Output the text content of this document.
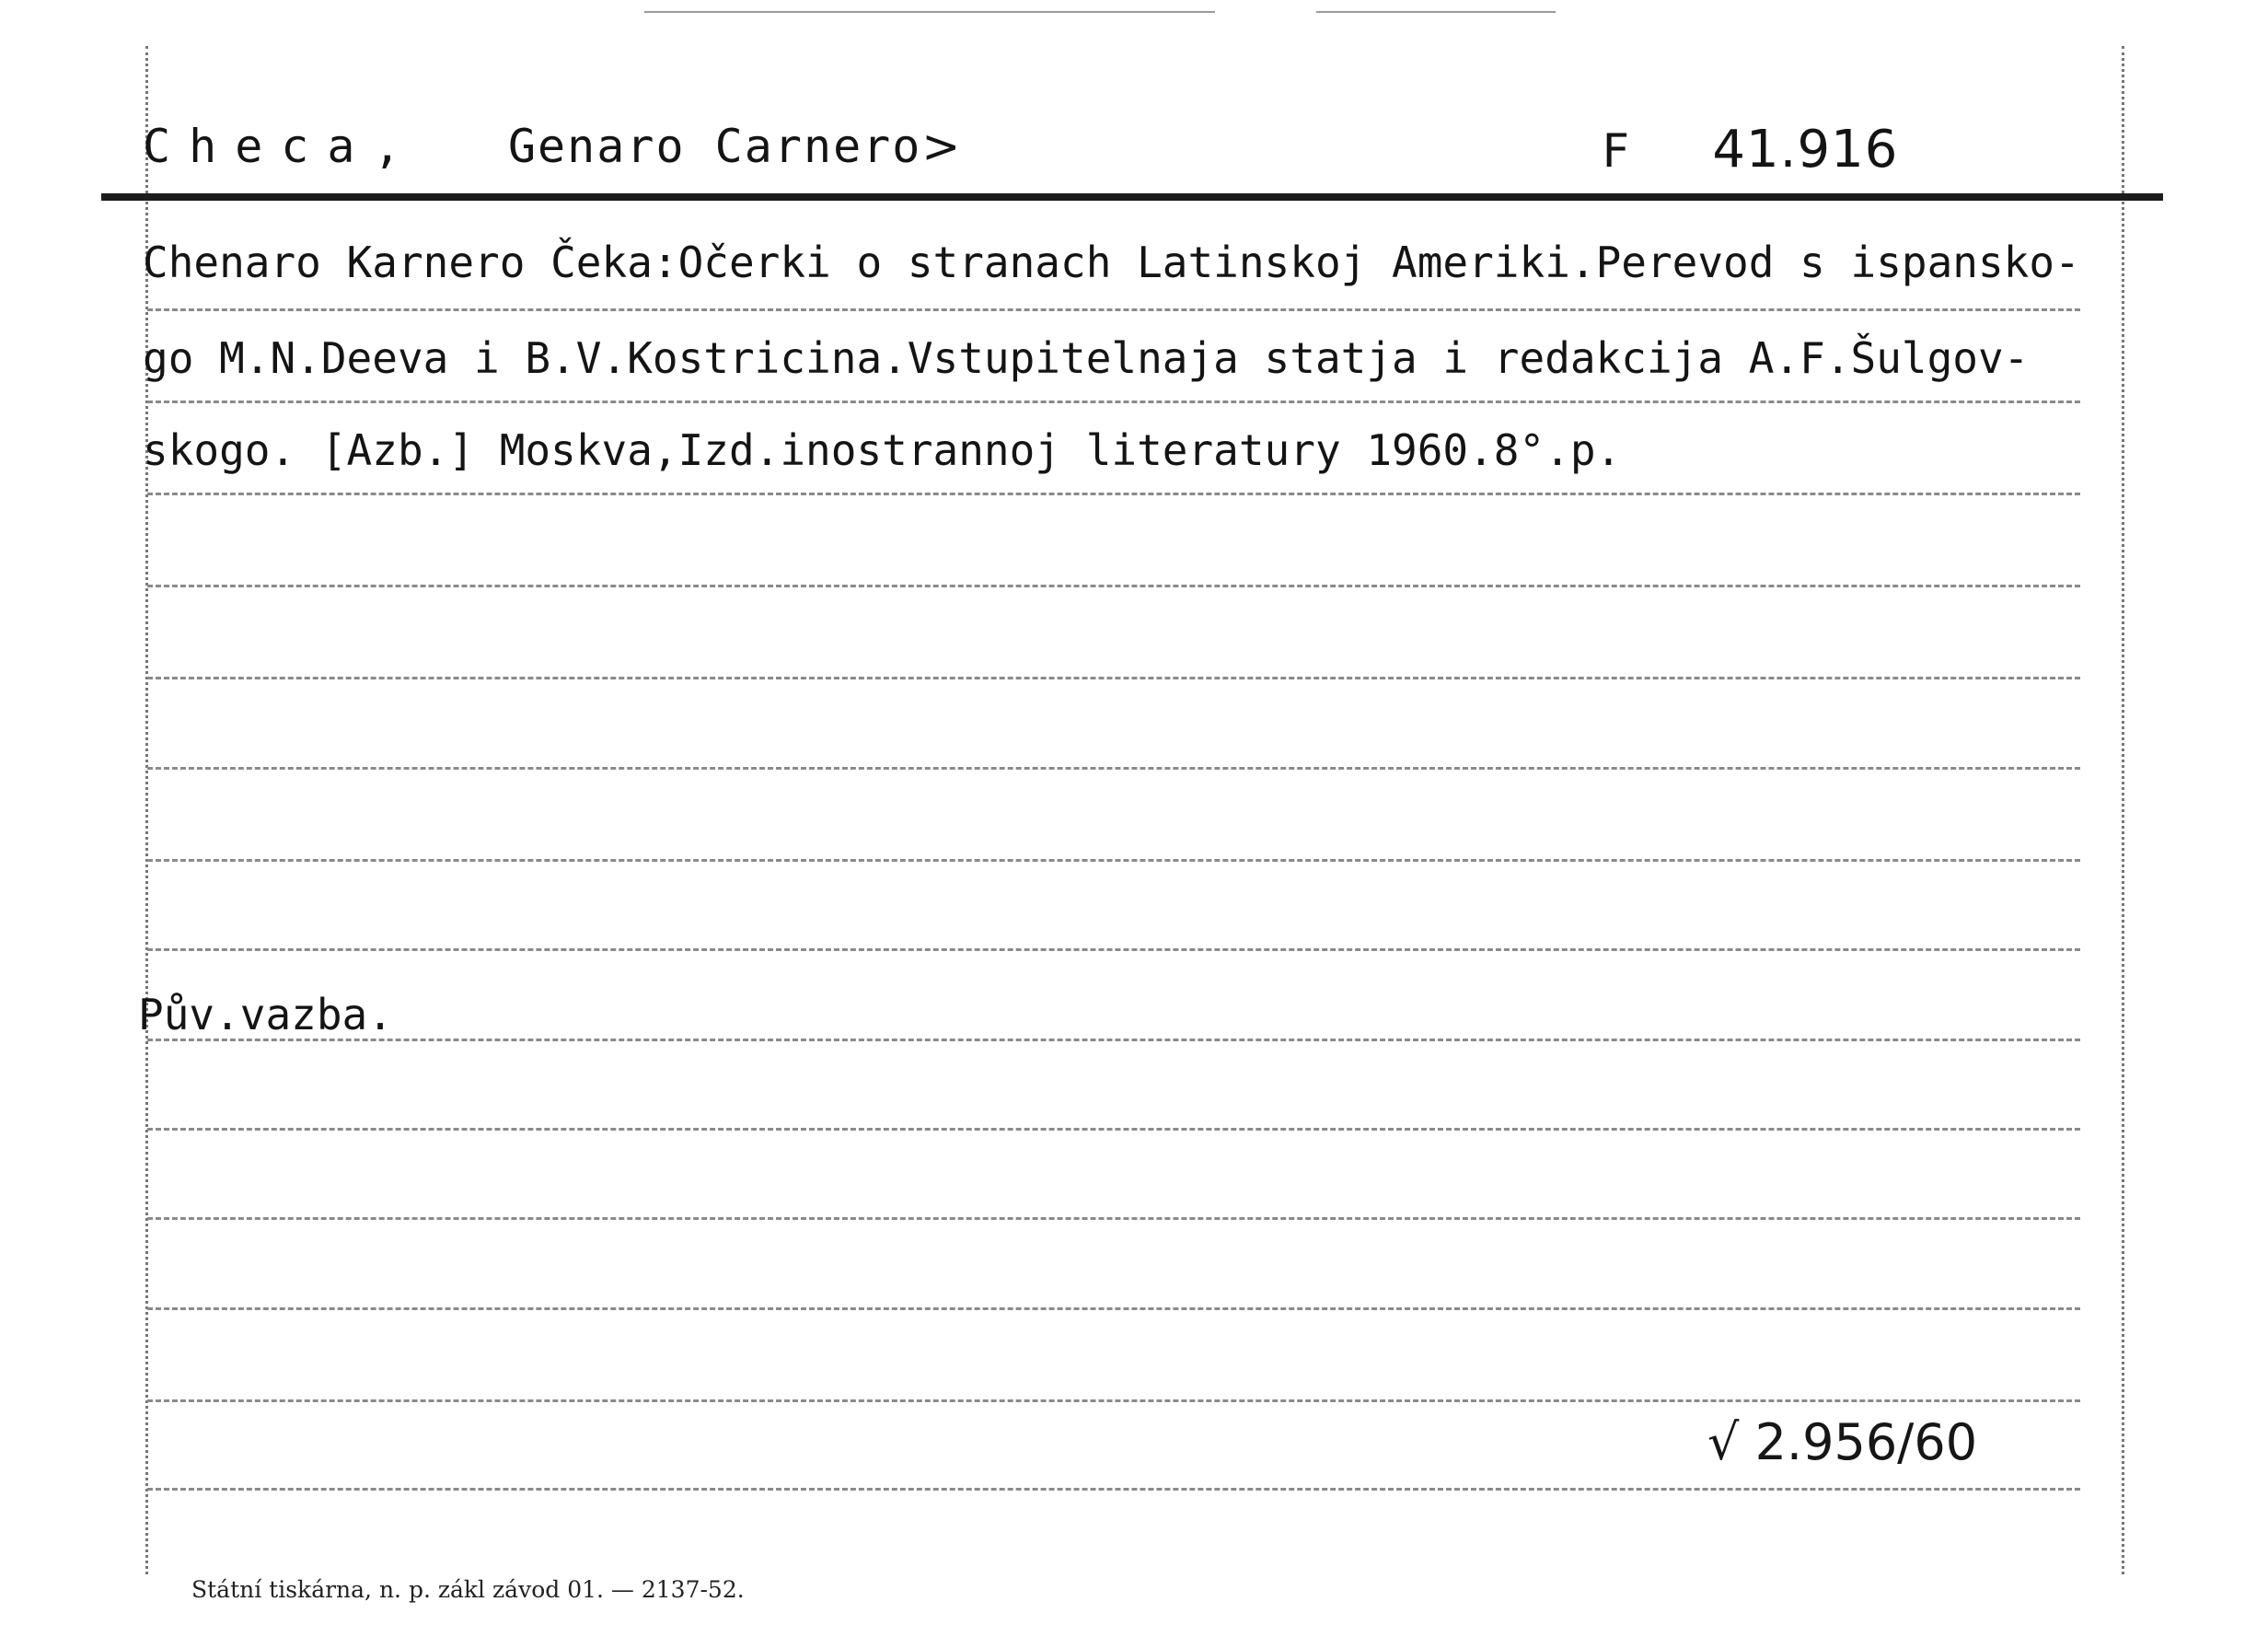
Checa, Genaro Carnero>	F 41.916
Chenaro Karnero Čeka:Očerki o stranach Latinskoj Ameriki.Perevod s ispansko-
go M.N.Deeva i B.V.Kostricina.Vstupitelnaja statja i redakcija A.F.Šulgov-
skogo. [Azb.] Moskva,Izd.inostrannoj literatury 1960.8°.p.
Pův.vazba.
√ 2.956/60
Státní tiskárna, n. p. zákl závod 01. — 2137-52.
